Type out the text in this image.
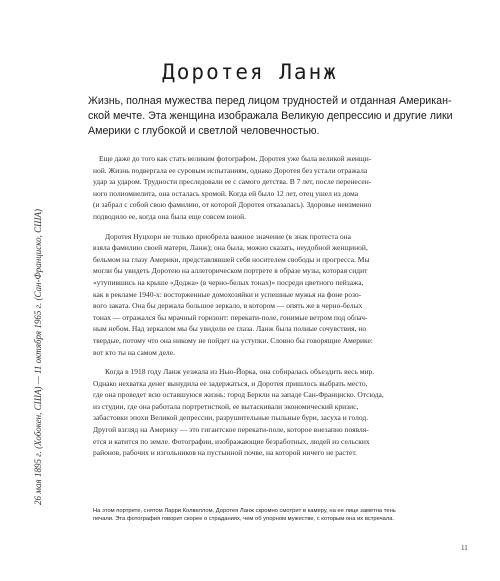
Доротея Ланж
Жизнь, полная мужества перед лицом трудностей и отданная Американ-
ской мечте. Эта женщина изображала Великую депрессию и другие лики
Америки с глубокой и светлой человечностью.

Еще даже до того как стать великим фотографом, Доротея уже была великой женщи-
ной. Жизнь подвергала ее суровым испытаниям, однако Доротея без устали отражала
удар за ударом. Трудности преследовали ее с самого детства. В 7 лет, после перенесен-
ного полиомиелита, она осталась хромой. Когда ей было 12 лет, отец ушел из дома
(и забрал с собой свою фамилию, от которой Доротея отказалась). Здоровье неизменно
подводило ее, когда она была еще совсем юной.

Доротея Нуцхорн не только приобрела важное значение (в знак протеста она
взяла фамилию своей матери, Ланж); она была, можно сказать, неудобной женщиной,
бельмом на глазу Америки, представлявшей себя носителем свободы и прогресса. Мы
могли бы увидеть Доротею на аллегорическом портрете в образе музы, которая сидит
«утупившись на крыше «Доджа» (в черно-белых тонах)» посреди цветного пейзажа,
как в рекламе 1940-х: восторженные домохозяйки и успешные мужья на фоне розо-
вого заката. Она бы держала большое зеркало, в котором — опять же в черно-белых
тонах — отражался бы мрачный горизонт: перекати-поле, гонимые ветром под облач-
ным небом. Над зеркалом мы бы увидели ее глаза. Ланж была полные сочувствия, но
твердые, потому что она никому не пойдет на уступки. Словно бы говорящие Америке:
вот кто ты на самом деле.

Когда в 1918 году Ланж уезжала из Нью-Йорка, она собиралась объездить весь мир.
Однако нехватка денег вынудила ее задержаться, и Доротея пришлось выбрать место,
где она проведет всю оставшуюся жизнь: город Беркли на западе Сан-Франциско. Отсюда,
из студии, где она работала портретисткой, ее вытаскивали экономический кризис,
забастовки эпохи Великой депрессии, разрушительные пыльные бури, засуха и голод.
Другой взгляд на Америку — это гигантское перекати-поле, которое внезапно появля-
ется и катится по земле. Фотографии, изображающие безработных, людей из сельских
районов, рабочих и изгольников на пустынной почве, на которой ничего не растет.

На этом портрете, снятом Ларри Колвеллом, Доротея Ланж скромно смотрит в камеру, на ее лице заметна тень
печали. Эта фотография говорит скорее о страданиях, чем об упорном мужестве, с которым она их встречала.
26 мая 1895 г. (Хобокен, США) — 11 октября 1965 г. (Сан-Франциско, США)
11
